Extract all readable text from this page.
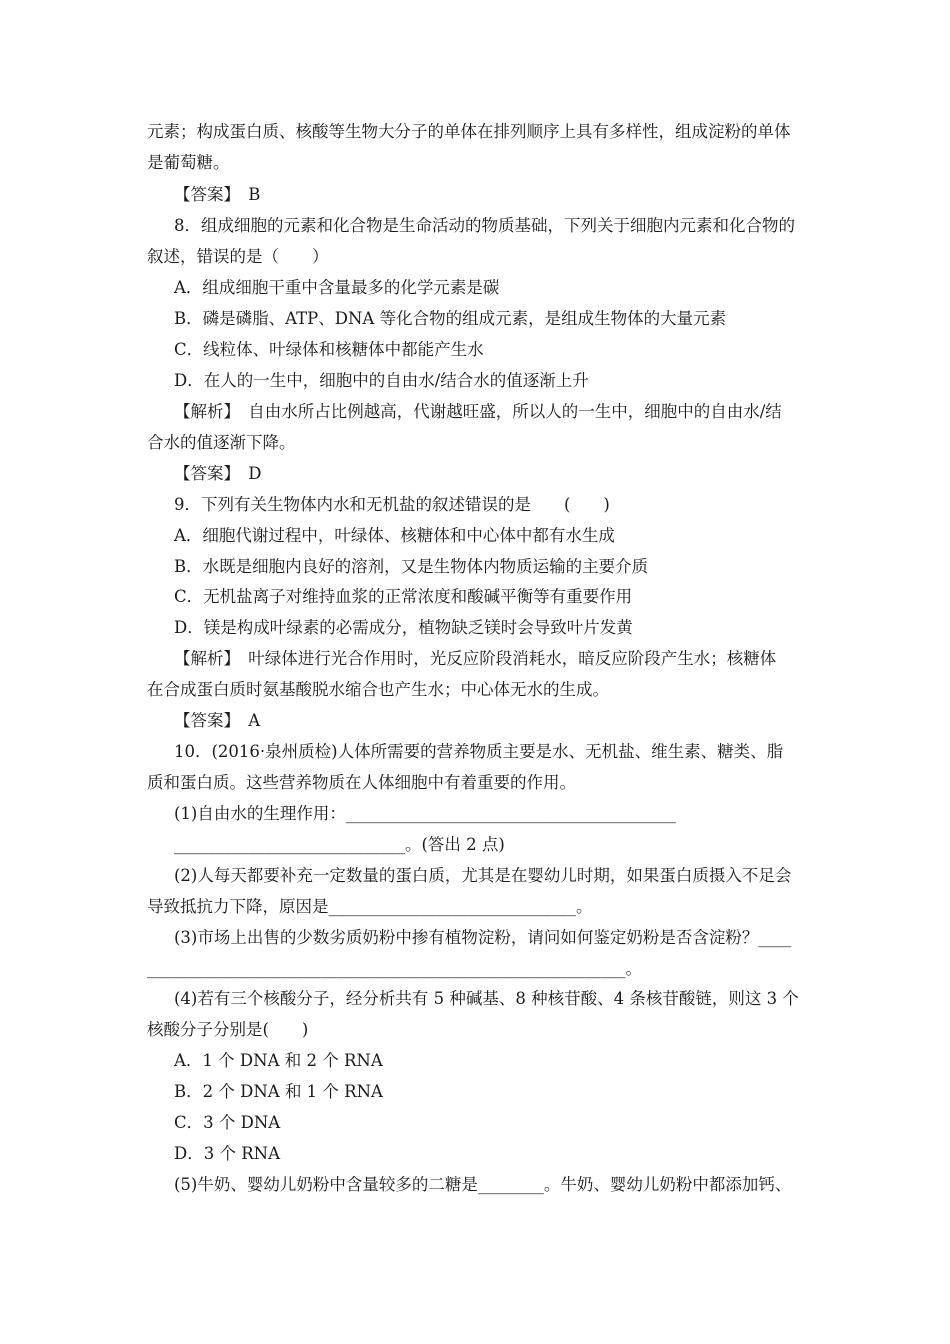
元素；构成蛋白质、核酸等生物大分子的单体在排列顺序上具有多样性，组成淀粉的单体
是葡萄糖。
【答案】　B
8．组成细胞的元素和化合物是生命活动的物质基础，下列关于细胞内元素和化合物的
叙述，错误的是（　　）
A．组成细胞干重中含量最多的化学元素是碳
B．磷是磷脂、ATP、DNA 等化合物的组成元素，是组成生物体的大量元素
C．线粒体、叶绿体和核糖体中都能产生水
D．在人的一生中，细胞中的自由水/结合水的值逐渐上升
【解析】　自由水所占比例越高，代谢越旺盛，所以人的一生中，细胞中的自由水/结
合水的值逐渐下降。
【答案】　D
9．下列有关生物体内水和无机盐的叙述错误的是　　(　　)
A．细胞代谢过程中，叶绿体、核糖体和中心体中都有水生成
B．水既是细胞内良好的溶剂，又是生物体内物质运输的主要介质
C．无机盐离子对维持血浆的正常浓度和酸碱平衡等有重要作用
D．镁是构成叶绿素的必需成分，植物缺乏镁时会导致叶片发黄
【解析】　叶绿体进行光合作用时，光反应阶段消耗水，暗反应阶段产生水；核糖体
在合成蛋白质时氨基酸脱水缩合也产生水；中心体无水的生成。
【答案】　A
10．(2016·泉州质检)人体所需要的营养物质主要是水、无机盐、维生素、糖类、脂
质和蛋白质。这些营养物质在人体细胞中有着重要的作用。
(1)自由水的生理作用：________________________________________
____________________________。(答出 2 点)
(2)人每天都要补充一定数量的蛋白质，尤其是在婴幼儿时期，如果蛋白质摄入不足会
导致抵抗力下降，原因是______________________________。
(3)市场上出售的少数劣质奶粉中掺有植物淀粉，请问如何鉴定奶粉是否含淀粉？____
__________________________________________________________。
(4)若有三个核酸分子，经分析共有 5 种碱基、8 种核苷酸、4 条核苷酸链，则这 3 个
核酸分子分别是(　　)
A．1 个 DNA 和 2 个 RNA
B．2 个 DNA 和 1 个 RNA
C．3 个 DNA
D．3 个 RNA
(5)牛奶、婴幼儿奶粉中含量较多的二糖是________。牛奶、婴幼儿奶粉中都添加钙、
